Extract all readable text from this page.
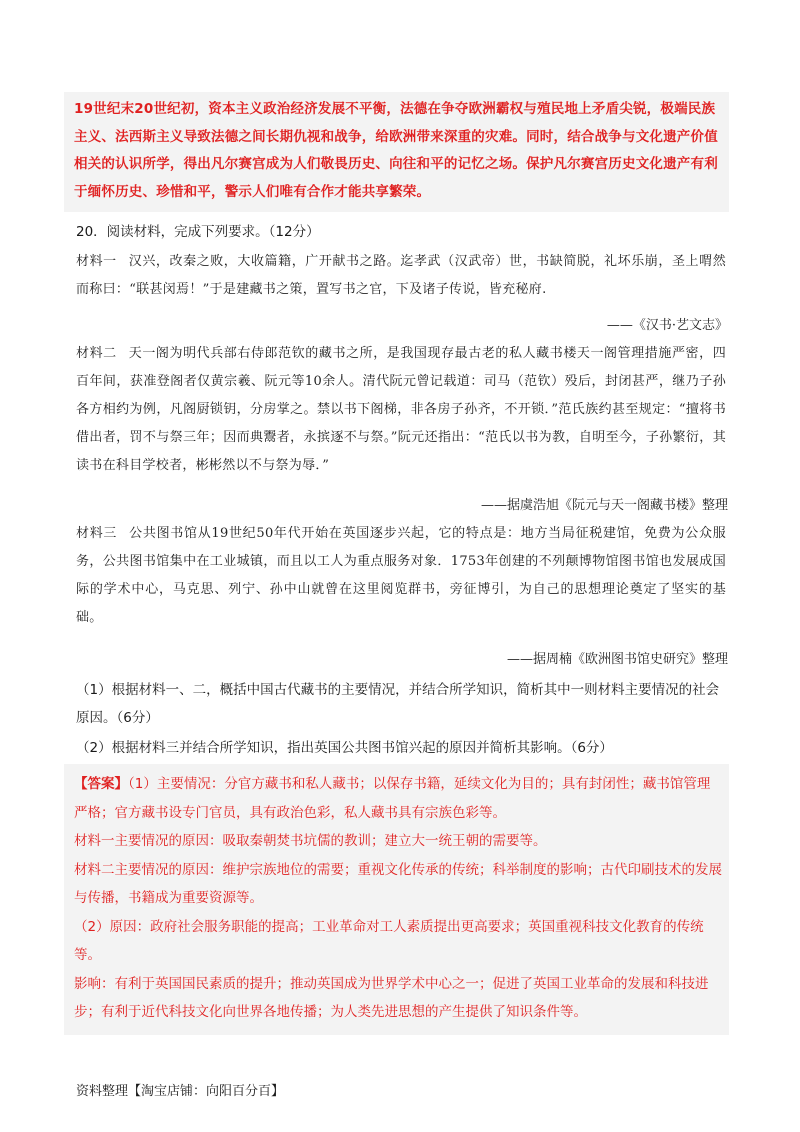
19世纪末20世纪初，资本主义政治经济发展不平衡，法德在争夺欧洲霸权与殖民地上矛盾尖锐，极端民族主义、法西斯主义导致法德之间长期仇视和战争，给欧洲带来深重的灾难。同时，结合战争与文化遗产价值相关的认识所学，得出凡尔赛宫成为人们敬畏历史、向往和平的记忆之场。保护凡尔赛宫历史文化遗产有利于缅怀历史、珍惜和平，警示人们唯有合作才能共享繁荣。

20．阅读材料，完成下列要求。（12分）
材料一 汉兴，改秦之败，大收篇籍，广开献书之路。迄孝武（汉武帝）世，书缺简脱，礼坏乐崩，圣上喟然而称曰：“联甚闵焉！”于是建藏书之策，置写书之官，下及诸子传说，皆充秘府.
——《汉书·艺文志》
材料二 天一阁为明代兵部右侍郎范钦的藏书之所，是我国现存最古老的私人藏书楼天一阁管理措施严密，四百年间，获准登阁者仅黄宗羲、阮元等10余人。清代阮元曾记载道：司马（范钦）殁后，封闭甚严，继乃子孙各方相约为例，凡阁厨锁钥，分房掌之。禁以书下阁梯，非各房子孙齐，不开锁．”范氏族约甚至规定：“擅将书借出者，罚不与祭三年；因而典鬻者，永摈逐不与祭。”阮元还指出：“范氏以书为教，自明至今，子孙繁衍，其读书在科目学校者，彬彬然以不与祭为辱．”
——据虞浩旭《阮元与天一阁藏书楼》整理
材料三 公共图书馆从19世纪50年代开始在英国逐步兴起，它的特点是：地方当局征税建馆，免费为公众服务，公共图书馆集中在工业城镇，而且以工人为重点服务对象．1753年创建的不列颠博物馆图书馆也发展成国际的学术中心，马克思、列宁、孙中山就曾在这里阅览群书，旁征博引，为自己的思想理论奠定了坚实的基础。
——据周楠《欧洲图书馆史研究》整理
（1）根据材料一、二，概括中国古代藏书的主要情况，并结合所学知识，简析其中一则材料主要情况的社会原因。（6分）
（2）根据材料三并结合所学知识，指出英国公共图书馆兴起的原因并简析其影响。（6分）

【答案】（1）主要情况：分官方藏书和私人藏书；以保存书籍，延续文化为目的；具有封闭性；藏书馆管理严格；官方藏书设专门官员，具有政治色彩，私人藏书具有宗族色彩等。

材料一主要情况的原因：吸取秦朝焚书坑儒的教训；建立大一统王朝的需要等。

材料二主要情况的原因：维护宗族地位的需要；重视文化传承的传统；科举制度的影响；古代印刷技术的发展与传播，书籍成为重要资源等。

（2）原因：政府社会服务职能的提高；工业革命对工人素质提出更高要求；英国重视科技文化教育的传统等。

影响：有利于英国国民素质的提升；推动英国成为世界学术中心之一；促进了英国工业革命的发展和科技进步；有利于近代科技文化向世界各地传播；为人类先进思想的产生提供了知识条件等。

资料整理【淘宝店铺：向阳百分百】
